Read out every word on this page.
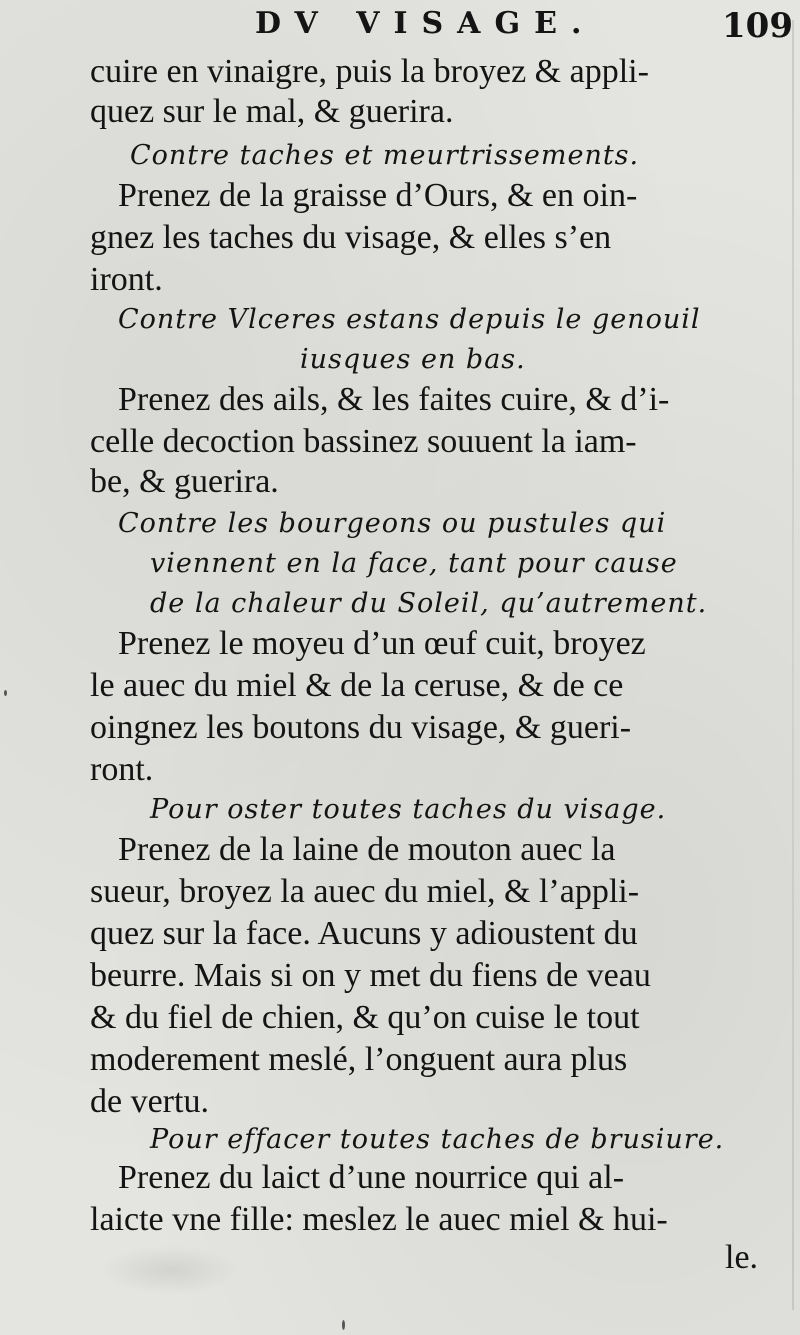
DV VISAGE.	109
cuire en vinaigre, puis la broyez & appli-
quez sur le mal, & guerira.
Contre taches et meurtrissements.
Prenez de la graisse d’Ours, & en oin-
gnez les taches du visage, & elles s’en
iront.
Contre Vlceres estans depuis le genouil
iusques en bas.
Prenez des ails, & les faites cuire, & d’i-
celle decoction bassinez souuent la iam-
be, & guerira.
Contre les bourgeons ou pustules qui
viennent en la face, tant pour cause
de la chaleur du Soleil, qu’autrement.
Prenez le moyeu d’un œuf cuit, broyez
le auec du miel & de la ceruse, & de ce
oingnez les boutons du visage, & gueri-
ront.
Pour oster toutes taches du visage.
Prenez de la laine de mouton auec la
sueur, broyez la auec du miel, & l’appli-
quez sur la face. Aucuns y adioustent du
beurre. Mais si on y met du fiens de veau
& du fiel de chien, & qu’on cuise le tout
moderement meslé, l’onguent aura plus
de vertu.
Pour effacer toutes taches de brusiure.
Prenez du laict d’une nourrice qui al-
laicte vne fille: meslez le auec miel & hui-
le.
